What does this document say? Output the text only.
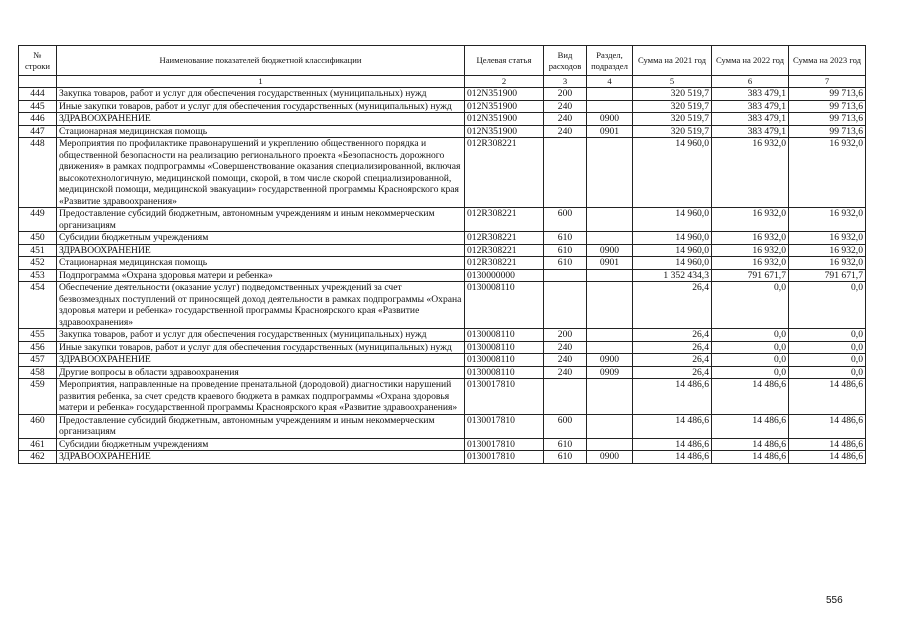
№ строки	Наименование показателей бюджетной классификации	Целевая статья	Вид расходов	Раздел, подраздел	Сумма на 2021 год	Сумма на 2022 год	Сумма на 2023 год
	1	2	3	4	5	6	7
444	Закупка товаров, работ и услуг для обеспечения государственных (муниципальных) нужд	012N351900	200		320 519,7	383 479,1	99 713,6
445	Иные закупки товаров, работ и услуг для обеспечения государственных (муниципальных) нужд	012N351900	240		320 519,7	383 479,1	99 713,6
446	ЗДРАВООХРАНЕНИЕ	012N351900	240	0900	320 519,7	383 479,1	99 713,6
447	Стационарная медицинская помощь	012N351900	240	0901	320 519,7	383 479,1	99 713,6
448	Мероприятия по профилактике правонарушений и укреплению общественного порядка и общественной безопасности на реализацию регионального проекта «Безопасность дорожного движения» в рамках подпрограммы «Совершенствование оказания специализированной, включая высокотехнологичную, медицинской помощи, скорой, в том числе скорой специализированной, медицинской помощи, медицинской эвакуации» государственной программы Красноярского края «Развитие здравоохранения»	012R308221			14 960,0	16 932,0	16 932,0
449	Предоставление субсидий бюджетным, автономным учреждениям и иным некоммерческим организациям	012R308221	600		14 960,0	16 932,0	16 932,0
450	Субсидии бюджетным учреждениям	012R308221	610		14 960,0	16 932,0	16 932,0
451	ЗДРАВООХРАНЕНИЕ	012R308221	610	0900	14 960,0	16 932,0	16 932,0
452	Стационарная медицинская помощь	012R308221	610	0901	14 960,0	16 932,0	16 932,0
453	Подпрограмма «Охрана здоровья матери и ребенка»	0130000000			1 352 434,3	791 671,7	791 671,7
454	Обеспечение деятельности (оказание услуг) подведомственных учреждений за счет безвозмездных поступлений от приносящей доход деятельности в рамках подпрограммы «Охрана здоровья матери и ребенка» государственной программы Красноярского края «Развитие здравоохранения»	0130008110			26,4	0,0	0,0
455	Закупка товаров, работ и услуг для обеспечения государственных (муниципальных) нужд	0130008110	200		26,4	0,0	0,0
456	Иные закупки товаров, работ и услуг для обеспечения государственных (муниципальных) нужд	0130008110	240		26,4	0,0	0,0
457	ЗДРАВООХРАНЕНИЕ	0130008110	240	0900	26,4	0,0	0,0
458	Другие вопросы в области здравоохранения	0130008110	240	0909	26,4	0,0	0,0
459	Мероприятия, направленные на проведение пренатальной (дородовой) диагностики нарушений развития ребенка, за счет средств краевого бюджета в рамках подпрограммы «Охрана здоровья матери и ребенка» государственной программы Красноярского края «Развитие здравоохранения»	0130017810			14 486,6	14 486,6	14 486,6
460	Предоставление субсидий бюджетным, автономным учреждениям и иным некоммерческим организациям	0130017810	600		14 486,6	14 486,6	14 486,6
461	Субсидии бюджетным учреждениям	0130017810	610		14 486,6	14 486,6	14 486,6
462	ЗДРАВООХРАНЕНИЕ	0130017810	610	0900	14 486,6	14 486,6	14 486,6
556
